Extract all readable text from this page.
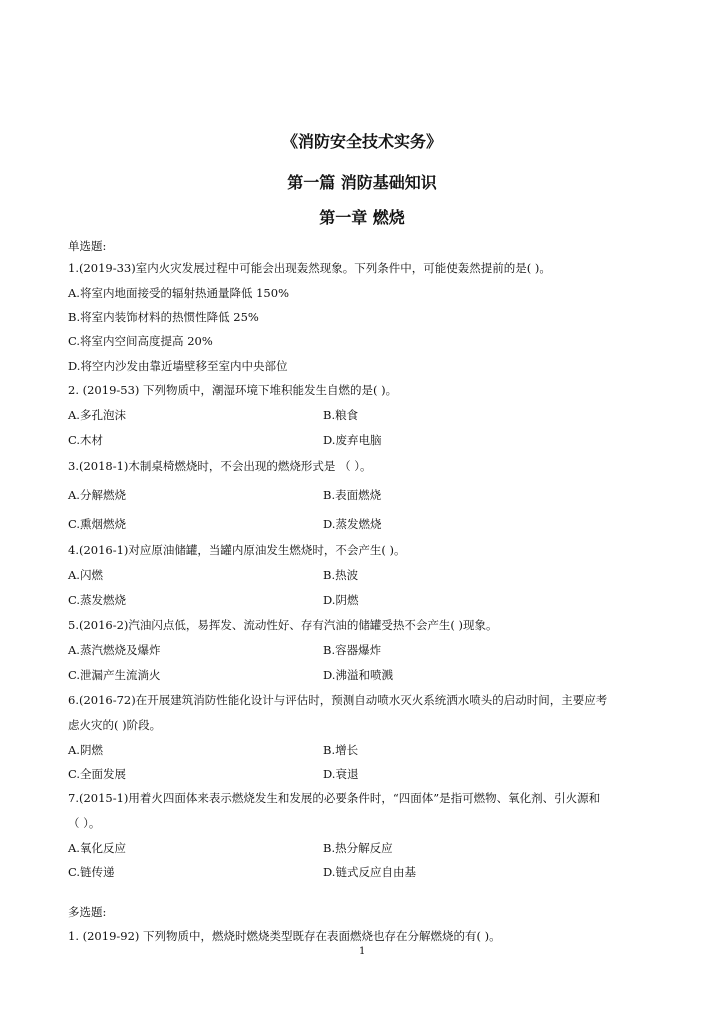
《消防安全技术实务》
第一篇 消防基础知识
第一章 燃烧
单选题:
1.(2019-33)室内火灾发展过程中可能会出现轰然现象。下列条件中，可能使轰然提前的是( )。
A.将室内地面接受的辐射热通量降低 150%
B.将室内装饰材料的热惯性降低 25%
C.将室内空间高度提高 20%
D.将空内沙发由靠近墙壁移至室内中央部位
2. (2019-53) 下列物质中，潮湿环境下堆积能发生自燃的是( )。
A.多孔泡沫	B.粮食
C.木材	D.废弃电脑
3.(2018-1)木制桌椅燃烧时，不会出现的燃烧形式是 （ ）。
A.分解燃烧	B.表面燃烧
C.熏烟燃烧	D.蒸发燃烧
4.(2016-1)对应原油储罐，当罐内原油发生燃烧时，不会产生( )。
A.闪燃	B.热波
C.蒸发燃烧	D.阴燃
5.(2016-2)汽油闪点低，易挥发、流动性好、存有汽油的储罐受热不会产生( )现象。
A.蒸汽燃烧及爆炸	B.容器爆炸
C.泄漏产生流淌火	D.沸溢和喷溅
6.(2016-72)在开展建筑消防性能化设计与评估时，预测自动喷水灭火系统洒水喷头的启动时间，主要应考
虑火灾的( )阶段。
A.阴燃	B.增长
C.全面发展	D.衰退
7.(2015-1)用着火四面体来表示燃烧发生和发展的必要条件时，“四面体”是指可燃物、氧化剂、引火源和
（ ）。
A.氧化反应	B.热分解反应
C.链传递	D.链式反应自由基
多选题:
1. (2019-92) 下列物质中，燃烧时燃烧类型既存在表面燃烧也存在分解燃烧的有( )。
1
